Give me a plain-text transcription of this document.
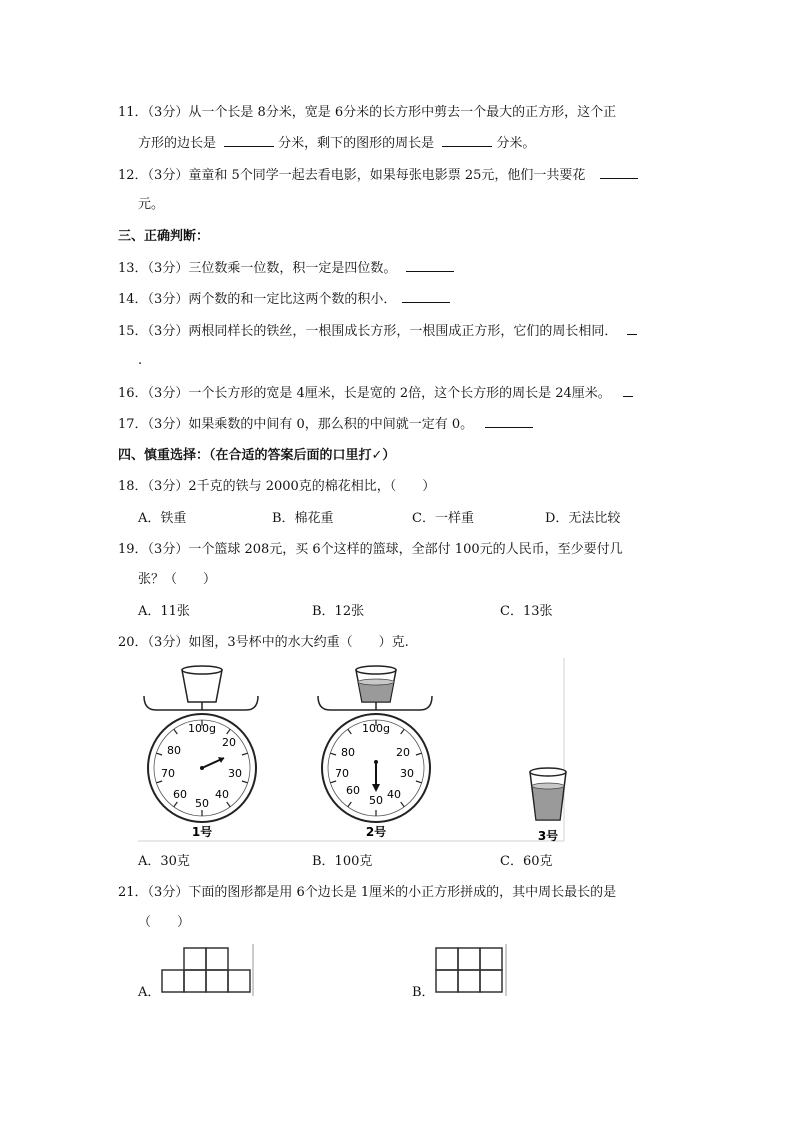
11．（3分）从一个长是 8分米，宽是 6分米的长方形中剪去一个最大的正方形，这个正
方形的边长是	分米，剩下的图形的周长是	分米。
12．（3分）童童和 5个同学一起去看电影，如果每张电影票 25元，他们一共要花
元。
三、正确判断：
13．（3分）三位数乘一位数，积一定是四位数。
14．（3分）两个数的和一定比这两个数的积小．
15．（3分）两根同样长的铁丝，一根围成长方形，一根围成正方形，它们的周长相同．
.
16．（3分）一个长方形的宽是 4厘米，长是宽的 2倍，这个长方形的周长是 24厘米。
17．（3分）如果乘数的中间有 0，那么积的中间就一定有 0。
四、慎重选择：（在合适的答案后面的口里打✓）
18．（3分）2千克的铁与 2000克的棉花相比，（　　）
A．铁重	B．棉花重	C．一样重	D．无法比较
19．（3分）一个篮球 208元，买 6个这样的篮球，全部付 100元的人民币，至少要付几
张？（　　）
A．11张	B．12张	C．13张
20．（3分）如图，3号杯中的水大约重（　　）克.
100g
20
30
40
50
60
70
80
1号
100g
20
30
40
50
60
70
80
2号	3号
A．30克	B．100克	C．60克
21．（3分）下面的图形都是用 6个边长是 1厘米的小正方形拼成的，其中周长最长的是
（　　）
A．	B．
